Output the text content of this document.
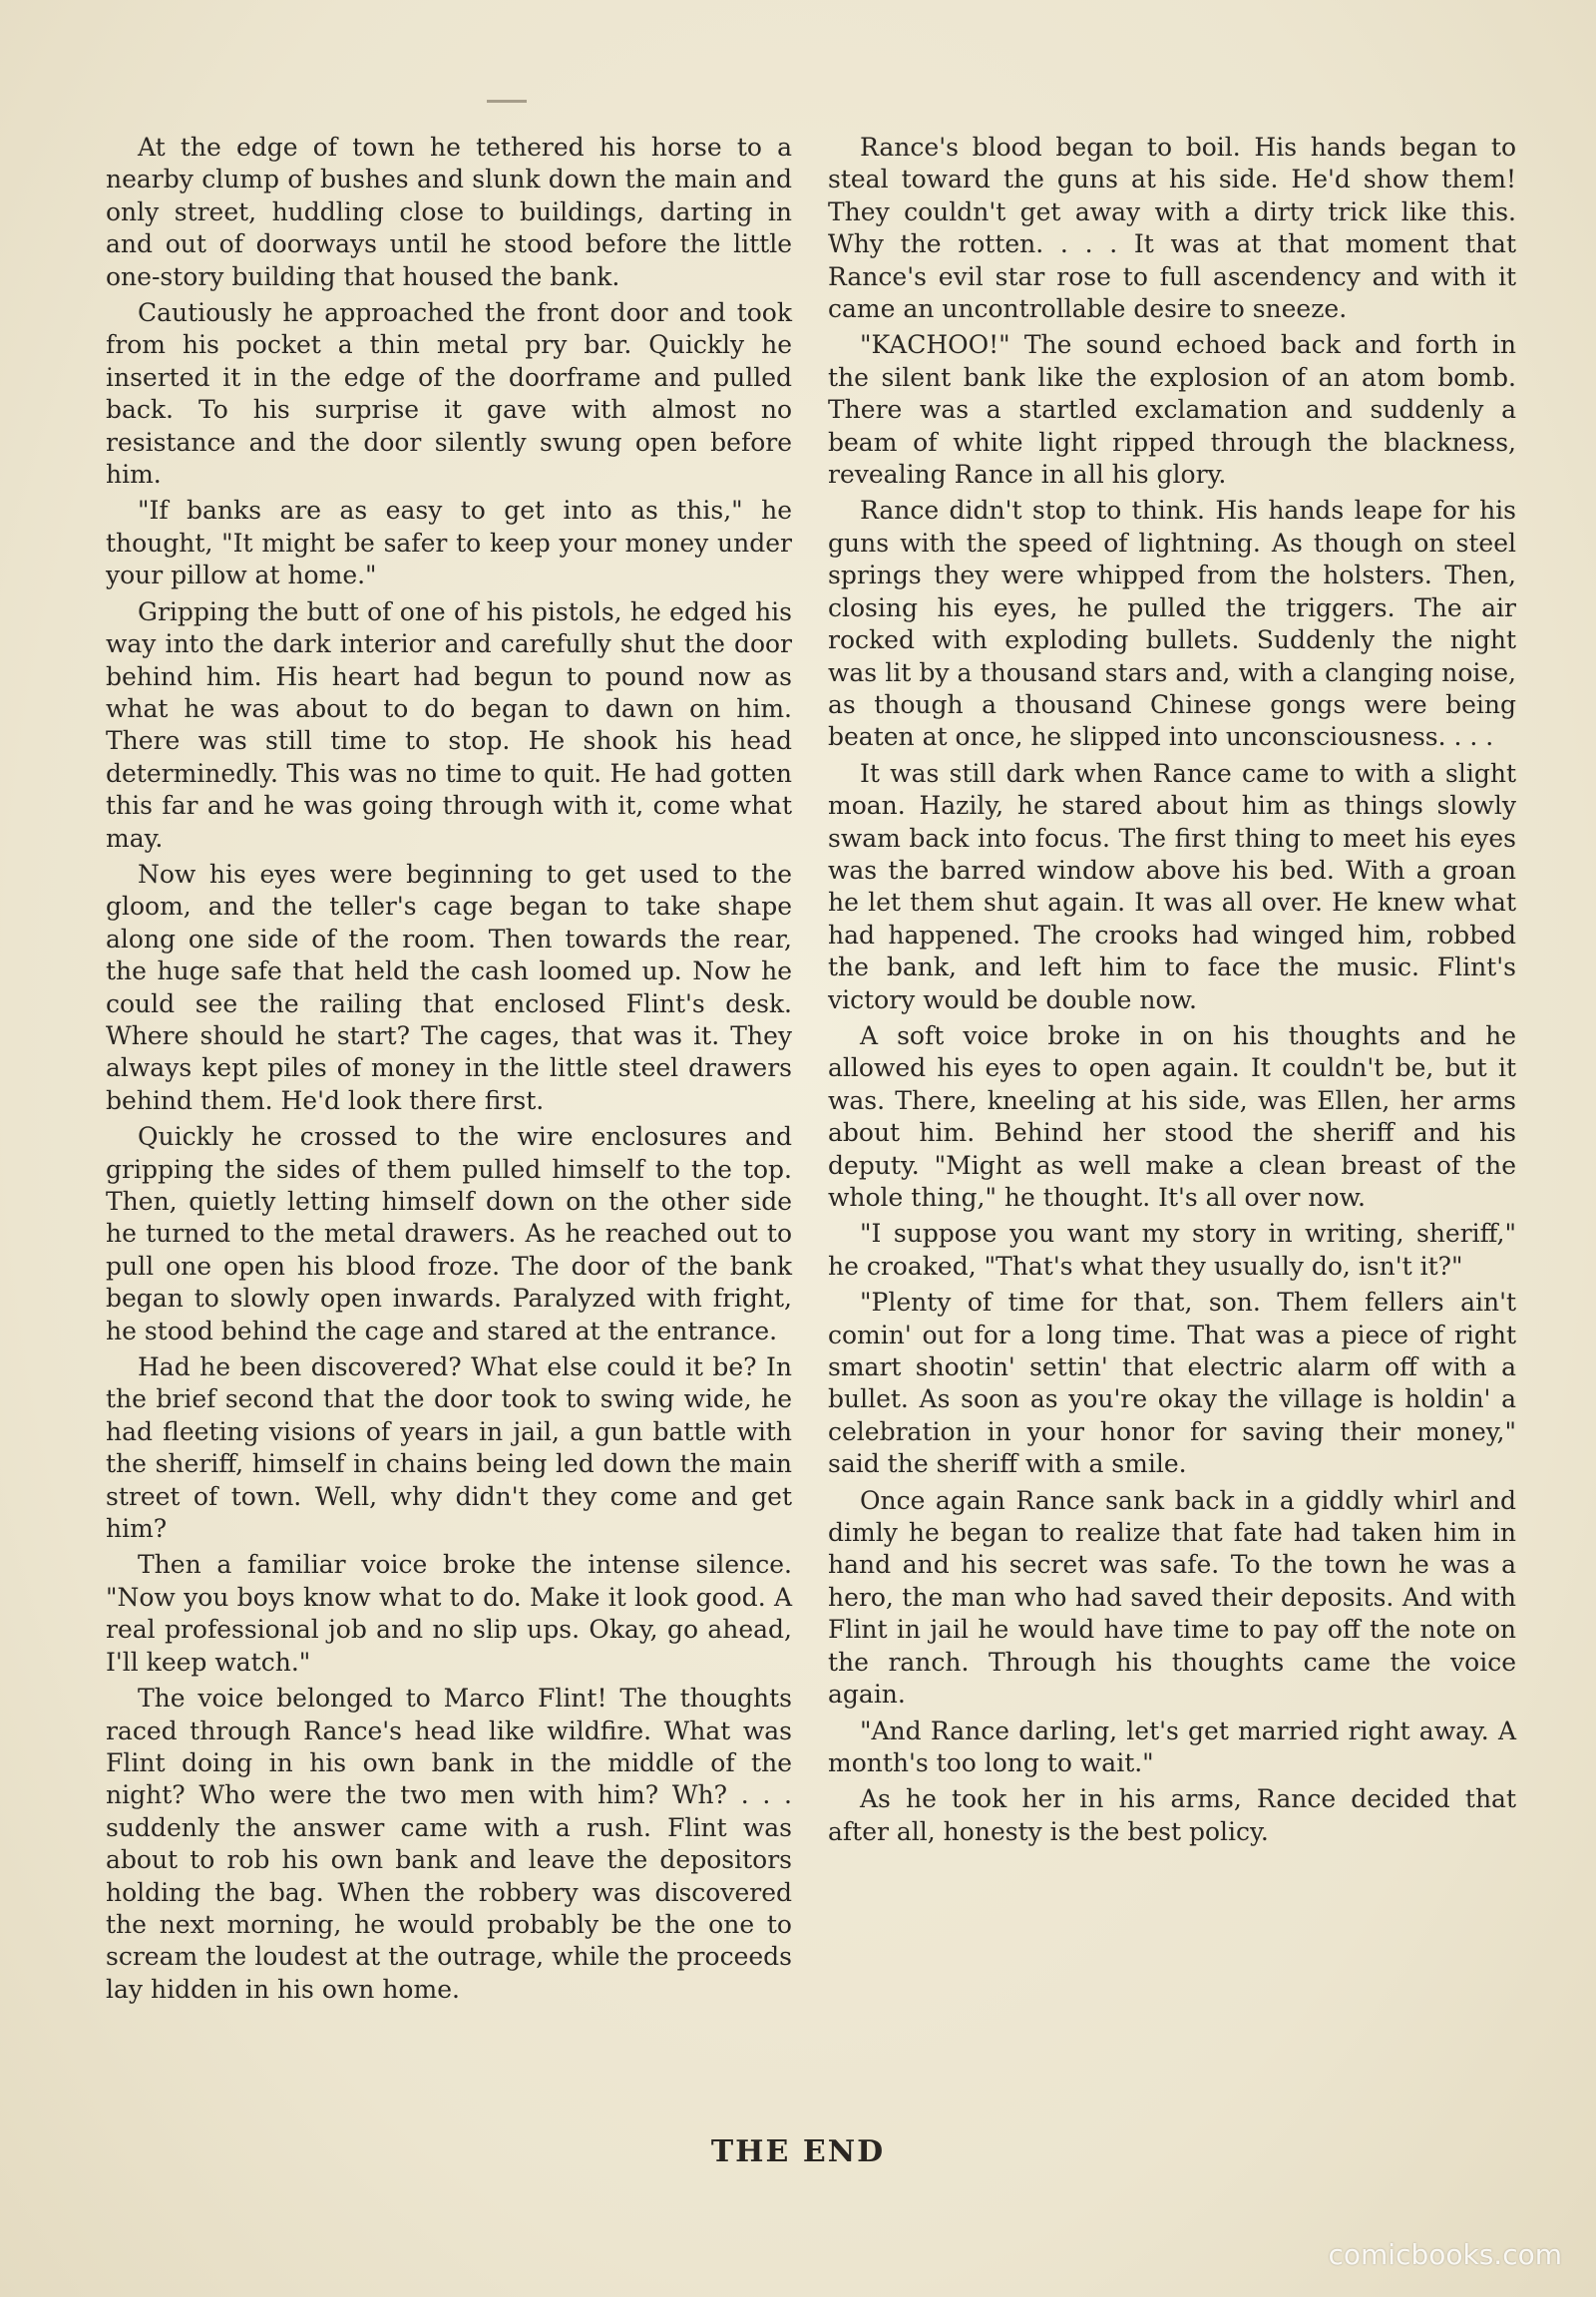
At the edge of town he tethered his horse to a nearby clump of bushes and slunk down the main and only street, huddling close to buildings, darting in and out of doorways until he stood before the little one-story building that housed the bank.

Cautiously he approached the front door and took from his pocket a thin metal pry bar. Quickly he inserted it in the edge of the doorframe and pulled back. To his surprise it gave with almost no resistance and the door silently swung open before him.

"If banks are as easy to get into as this," he thought, "It might be safer to keep your money under your pillow at home."

Gripping the butt of one of his pistols, he edged his way into the dark interior and carefully shut the door behind him. His heart had begun to pound now as what he was about to do began to dawn on him. There was still time to stop. He shook his head determinedly. This was no time to quit. He had gotten this far and he was going through with it, come what may.

Now his eyes were beginning to get used to the gloom, and the teller's cage began to take shape along one side of the room. Then towards the rear, the huge safe that held the cash loomed up. Now he could see the railing that enclosed Flint's desk. Where should he start? The cages, that was it. They always kept piles of money in the little steel drawers behind them. He'd look there first.

Quickly he crossed to the wire enclosures and gripping the sides of them pulled himself to the top. Then, quietly letting himself down on the other side he turned to the metal drawers. As he reached out to pull one open his blood froze. The door of the bank began to slowly open inwards. Paralyzed with fright, he stood behind the cage and stared at the entrance.

Had he been discovered? What else could it be? In the brief second that the door took to swing wide, he had fleeting visions of years in jail, a gun battle with the sheriff, himself in chains being led down the main street of town. Well, why didn't they come and get him?

Then a familiar voice broke the intense silence. "Now you boys know what to do. Make it look good. A real professional job and no slip ups. Okay, go ahead, I'll keep watch."

The voice belonged to Marco Flint! The thoughts raced through Rance's head like wildfire. What was Flint doing in his own bank in the middle of the night? Who were the two men with him? Wh? . . . suddenly the answer came with a rush. Flint was about to rob his own bank and leave the depositors holding the bag. When the robbery was discovered the next morning, he would probably be the one to scream the loudest at the outrage, while the proceeds lay hidden in his own home.

Rance's blood began to boil. His hands began to steal toward the guns at his side. He'd show them! They couldn't get away with a dirty trick like this. Why the rotten. . . . It was at that moment that Rance's evil star rose to full ascendency and with it came an uncontrollable desire to sneeze.

"KACHOO!" The sound echoed back and forth in the silent bank like the explosion of an atom bomb. There was a startled exclamation and suddenly a beam of white light ripped through the blackness, revealing Rance in all his glory.

Rance didn't stop to think. His hands leape for his guns with the speed of lightning. As though on steel springs they were whipped from the holsters. Then, closing his eyes, he pulled the triggers. The air rocked with exploding bullets. Suddenly the night was lit by a thousand stars and, with a clanging noise, as though a thousand Chinese gongs were being beaten at once, he slipped into unconsciousness. . . .

It was still dark when Rance came to with a slight moan. Hazily, he stared about him as things slowly swam back into focus. The first thing to meet his eyes was the barred window above his bed. With a groan he let them shut again. It was all over. He knew what had happened. The crooks had winged him, robbed the bank, and left him to face the music. Flint's victory would be double now.

A soft voice broke in on his thoughts and he allowed his eyes to open again. It couldn't be, but it was. There, kneeling at his side, was Ellen, her arms about him. Behind her stood the sheriff and his deputy. "Might as well make a clean breast of the whole thing," he thought. It's all over now.

"I suppose you want my story in writing, sheriff," he croaked, "That's what they usually do, isn't it?"

"Plenty of time for that, son. Them fellers ain't comin' out for a long time. That was a piece of right smart shootin' settin' that electric alarm off with a bullet. As soon as you're okay the village is holdin' a celebration in your honor for saving their money," said the sheriff with a smile.

Once again Rance sank back in a giddly whirl and dimly he began to realize that fate had taken him in hand and his secret was safe. To the town he was a hero, the man who had saved their deposits. And with Flint in jail he would have time to pay off the note on the ranch. Through his thoughts came the voice again.

"And Rance darling, let's get married right away. A month's too long to wait."

As he took her in his arms, Rance decided that after all, honesty is the best policy.

THE END
comicbooks.com
